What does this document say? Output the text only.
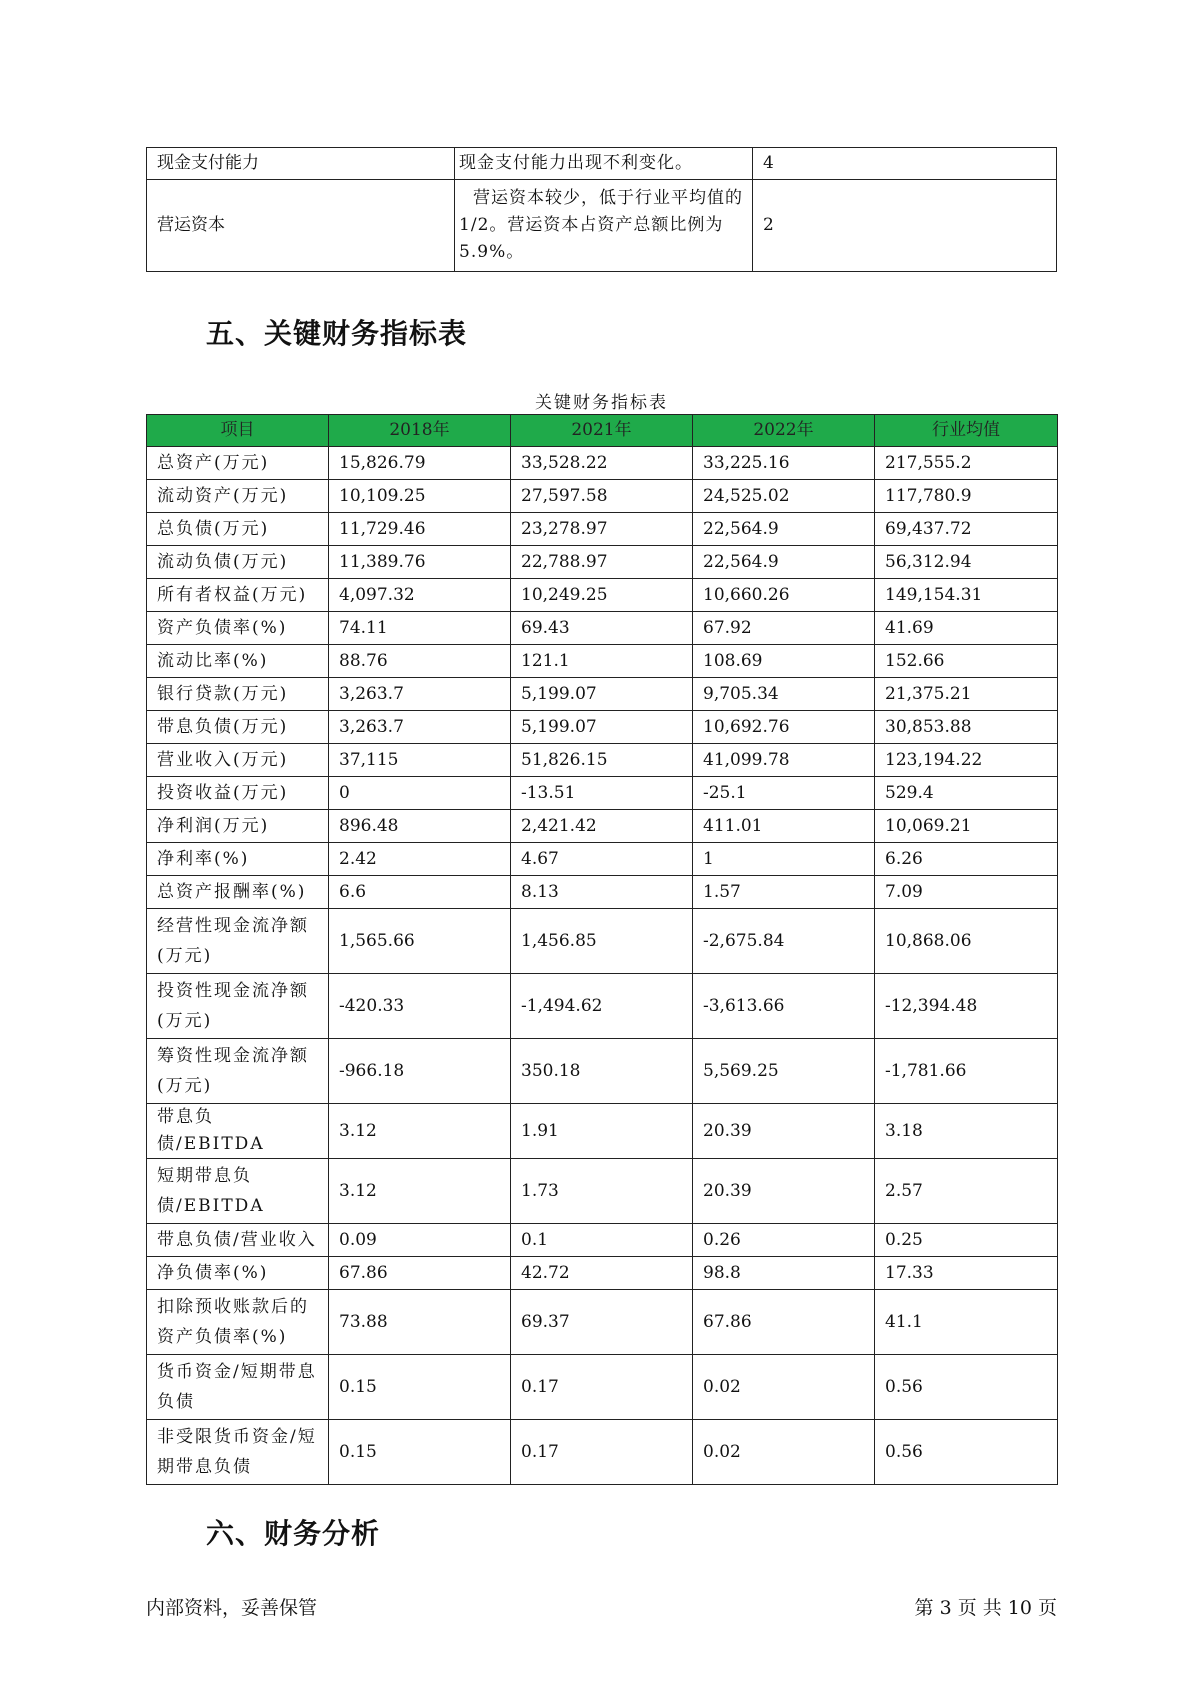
现金支付能力	现金支付能力出现不利变化。	4
营运资本	营运资本较少，低于行业平均值的1/2。营运资本占资产总额比例为5.9%。	2
五、关键财务指标表
关键财务指标表
项目	2018年	2021年	2022年	行业均值
总资产(万元)	15,826.79	33,528.22	33,225.16	217,555.2
流动资产(万元)	10,109.25	27,597.58	24,525.02	117,780.9
总负债(万元)	11,729.46	23,278.97	22,564.9	69,437.72
流动负债(万元)	11,389.76	22,788.97	22,564.9	56,312.94
所有者权益(万元)	4,097.32	10,249.25	10,660.26	149,154.31
资产负债率(%)	74.11	69.43	67.92	41.69
流动比率(%)	88.76	121.1	108.69	152.66
银行贷款(万元)	3,263.7	5,199.07	9,705.34	21,375.21
带息负债(万元)	3,263.7	5,199.07	10,692.76	30,853.88
营业收入(万元)	37,115	51,826.15	41,099.78	123,194.22
投资收益(万元)	0	-13.51	-25.1	529.4
净利润(万元)	896.48	2,421.42	411.01	10,069.21
净利率(%)	2.42	4.67	1	6.26
总资产报酬率(%)	6.6	8.13	1.57	7.09
经营性现金流净额(万元)	1,565.66	1,456.85	-2,675.84	10,868.06
投资性现金流净额(万元)	-420.33	-1,494.62	-3,613.66	-12,394.48
筹资性现金流净额(万元)	-966.18	350.18	5,569.25	-1,781.66
带息负债/EBITDA	3.12	1.91	20.39	3.18
短期带息负债/EBITDA	3.12	1.73	20.39	2.57
带息负债/营业收入	0.09	0.1	0.26	0.25
净负债率(%)	67.86	42.72	98.8	17.33
扣除预收账款后的资产负债率(%)	73.88	69.37	67.86	41.1
货币资金/短期带息负债	0.15	0.17	0.02	0.56
非受限货币资金/短期带息负债	0.15	0.17	0.02	0.56
六、财务分析
内部资料，妥善保管	第 3 页 共 10 页
